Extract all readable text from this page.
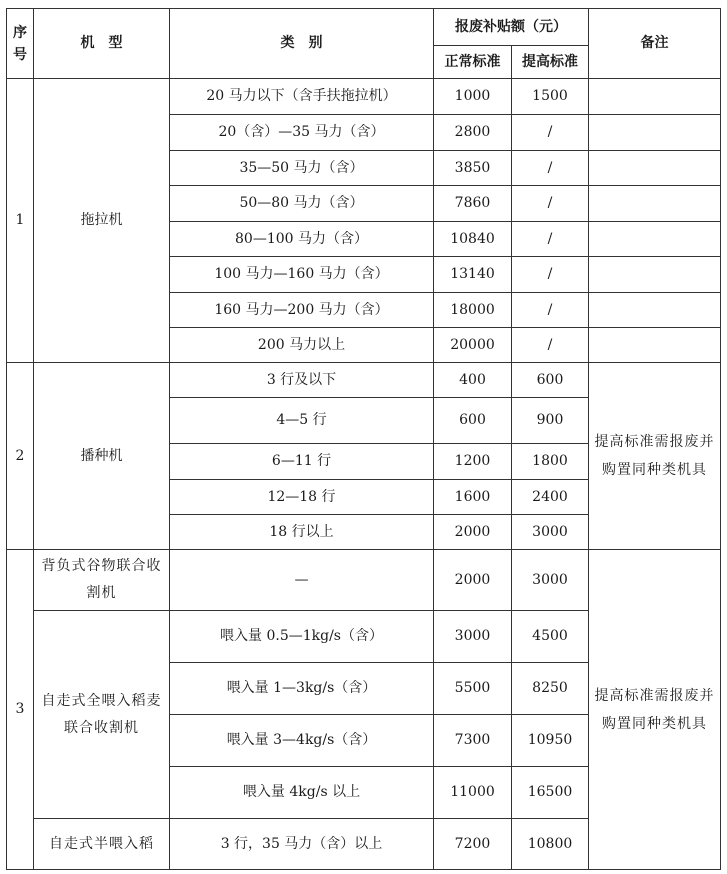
序号	机　型	类　别	报废补贴额（元）		备注
			正常标准	提高标准	
1	拖拉机	20 马力以下（含手扶拖拉机）	1000	1500	
		20（含）—35 马力（含）	2800	/	
		35—50 马力（含）	3850	/	
		50—80 马力（含）	7860	/	
		80—100 马力（含）	10840	/	
		100 马力—160 马力（含）	13140	/	
		160 马力—200 马力（含）	18000	/	
		200 马力以上	20000	/	
2	播种机	3 行及以下	400	600	提高标准需报废并购置同种类机具
		4—5 行	600	900	
		6—11 行	1200	1800	
		12—18 行	1600	2400	
		18 行以上	2000	3000	
3	背负式谷物联合收割机	—	2000	3000	提高标准需报废并购置同种类机具
	自走式全喂入稻麦联合收割机	喂入量 0.5—1kg/s（含）	3000	4500	
		喂入量 1—3kg/s（含）	5500	8250	
		喂入量 3—4kg/s（含）	7300	10950	
		喂入量 4kg/s 以上	11000	16500	
	自走式半喂入稻	3 行，35 马力（含）以上	7200	10800	
